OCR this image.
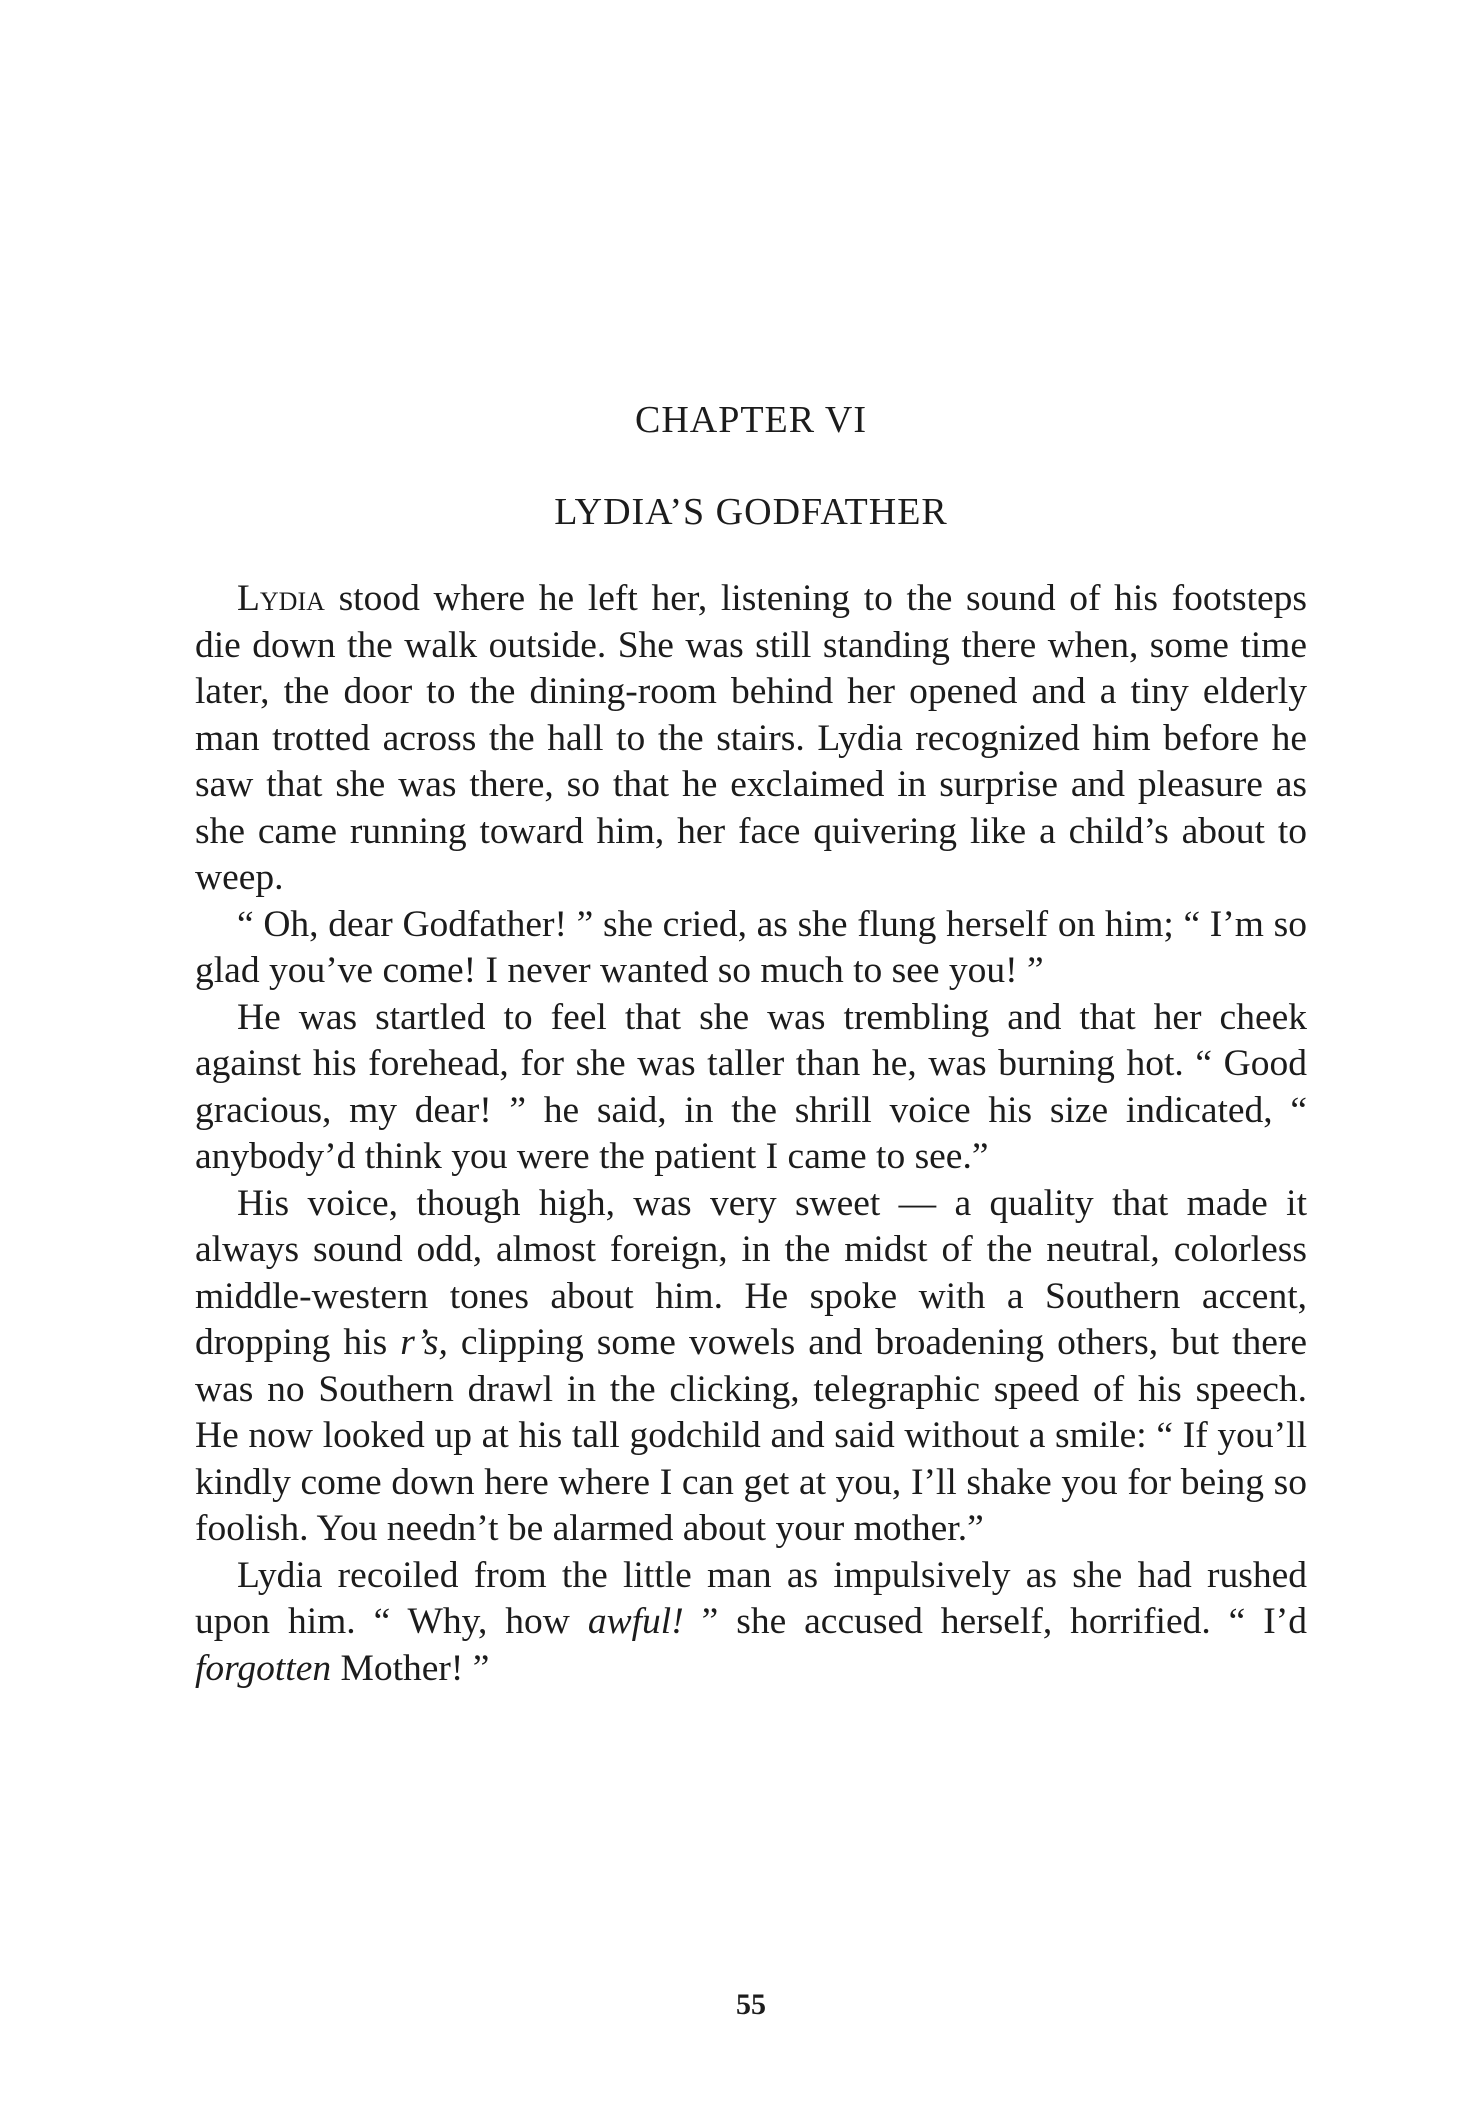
CHAPTER VI
LYDIA’S GODFATHER

Lydia stood where he left her, listening to the sound of his footsteps die down the walk outside. She was still standing there when, some time later, the door to the dining-room behind her opened and a tiny elderly man trotted across the hall to the stairs. Lydia recognized him before he saw that she was there, so that he exclaimed in surprise and pleasure as she came running toward him, her face quivering like a child’s about to weep.

“ Oh, dear Godfather! ” she cried, as she flung herself on him; “ I’m so glad you’ve come! I never wanted so much to see you! ”

He was startled to feel that she was trembling and that her cheek against his forehead, for she was taller than he, was burning hot. “ Good gracious, my dear! ” he said, in the shrill voice his size indicated, “ anybody’d think you were the patient I came to see.”

His voice, though high, was very sweet — a quality that made it always sound odd, almost foreign, in the midst of the neutral, colorless middle-western tones about him. He spoke with a Southern accent, dropping his r’s, clipping some vowels and broadening others, but there was no Southern drawl in the clicking, telegraphic speed of his speech. He now looked up at his tall godchild and said without a smile: “ If you’ll kindly come down here where I can get at you, I’ll shake you for being so foolish. You needn’t be alarmed about your mother.”

Lydia recoiled from the little man as impulsively as she had rushed upon him. “ Why, how awful! ” she accused herself, horrified. “ I’d forgotten Mother! ”

55
